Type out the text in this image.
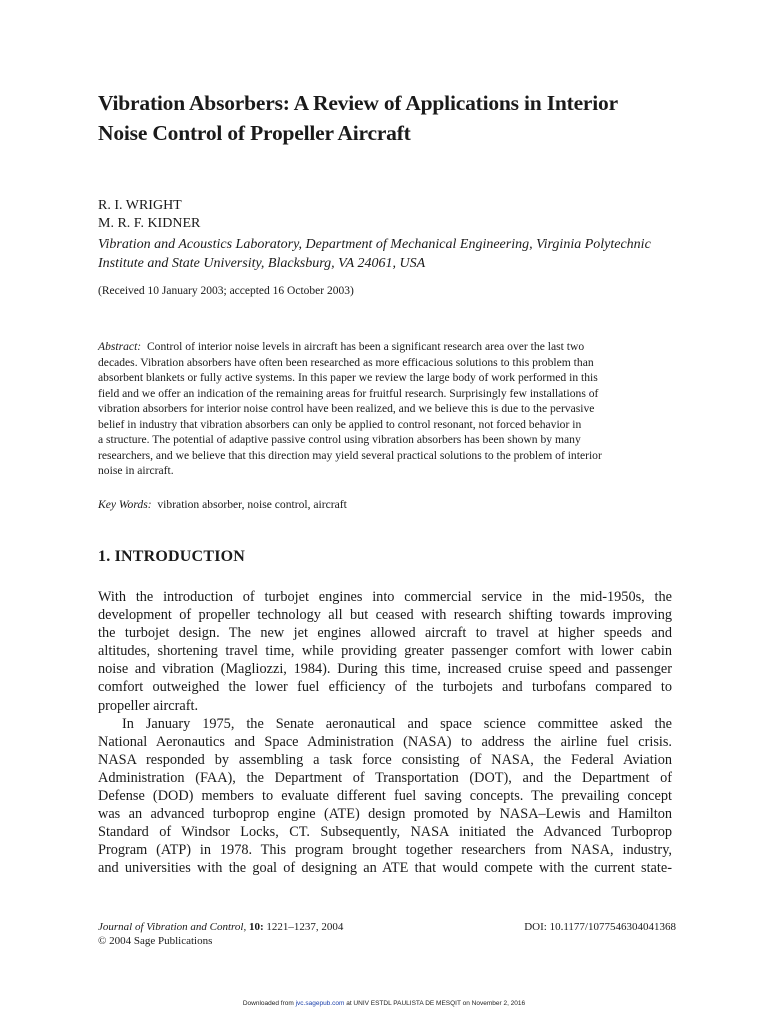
Vibration Absorbers: A Review of Applications in Interior
Noise Control of Propeller Aircraft
R. I. WRIGHT
M. R. F. KIDNER
Vibration and Acoustics Laboratory, Department of Mechanical Engineering, Virginia Polytechnic
Institute and State University, Blacksburg, VA 24061, USA
(Received 10 January 2003; accepted 16 October 2003)
Abstract: Control of interior noise levels in aircraft has been a significant research area over the last two
decades. Vibration absorbers have often been researched as more efficacious solutions to this problem than
absorbent blankets or fully active systems. In this paper we review the large body of work performed in this
field and we offer an indication of the remaining areas for fruitful research. Surprisingly few installations of
vibration absorbers for interior noise control have been realized, and we believe this is due to the pervasive
belief in industry that vibration absorbers can only be applied to control resonant, not forced behavior in
a structure. The potential of adaptive passive control using vibration absorbers has been shown by many
researchers, and we believe that this direction may yield several practical solutions to the problem of interior
noise in aircraft.
Key Words: vibration absorber, noise control, aircraft
1. INTRODUCTION
With the introduction of turbojet engines into commercial service in the mid-1950s, the
development of propeller technology all but ceased with research shifting towards improving
the turbojet design. The new jet engines allowed aircraft to travel at higher speeds and
altitudes, shortening travel time, while providing greater passenger comfort with lower cabin
noise and vibration (Magliozzi, 1984). During this time, increased cruise speed and passenger
comfort outweighed the lower fuel efficiency of the turbojets and turbofans compared to
propeller aircraft.
In January 1975, the Senate aeronautical and space science committee asked the
National Aeronautics and Space Administration (NASA) to address the airline fuel crisis.
NASA responded by assembling a task force consisting of NASA, the Federal Aviation
Administration (FAA), the Department of Transportation (DOT), and the Department of
Defense (DOD) members to evaluate different fuel saving concepts. The prevailing concept
was an advanced turboprop engine (ATE) design promoted by NASA–Lewis and Hamilton
Standard of Windsor Locks, CT. Subsequently, NASA initiated the Advanced Turboprop
Program (ATP) in 1978. This program brought together researchers from NASA, industry,
and universities with the goal of designing an ATE that would compete with the current state-
Journal of Vibration and Control, 10: 1221–1237, 2004
© 2004 Sage Publications
DOI: 10.1177/1077546304041368
Downloaded from jvc.sagepub.com at UNIV ESTDL PAULISTA DE MESQIT on November 2, 2016
